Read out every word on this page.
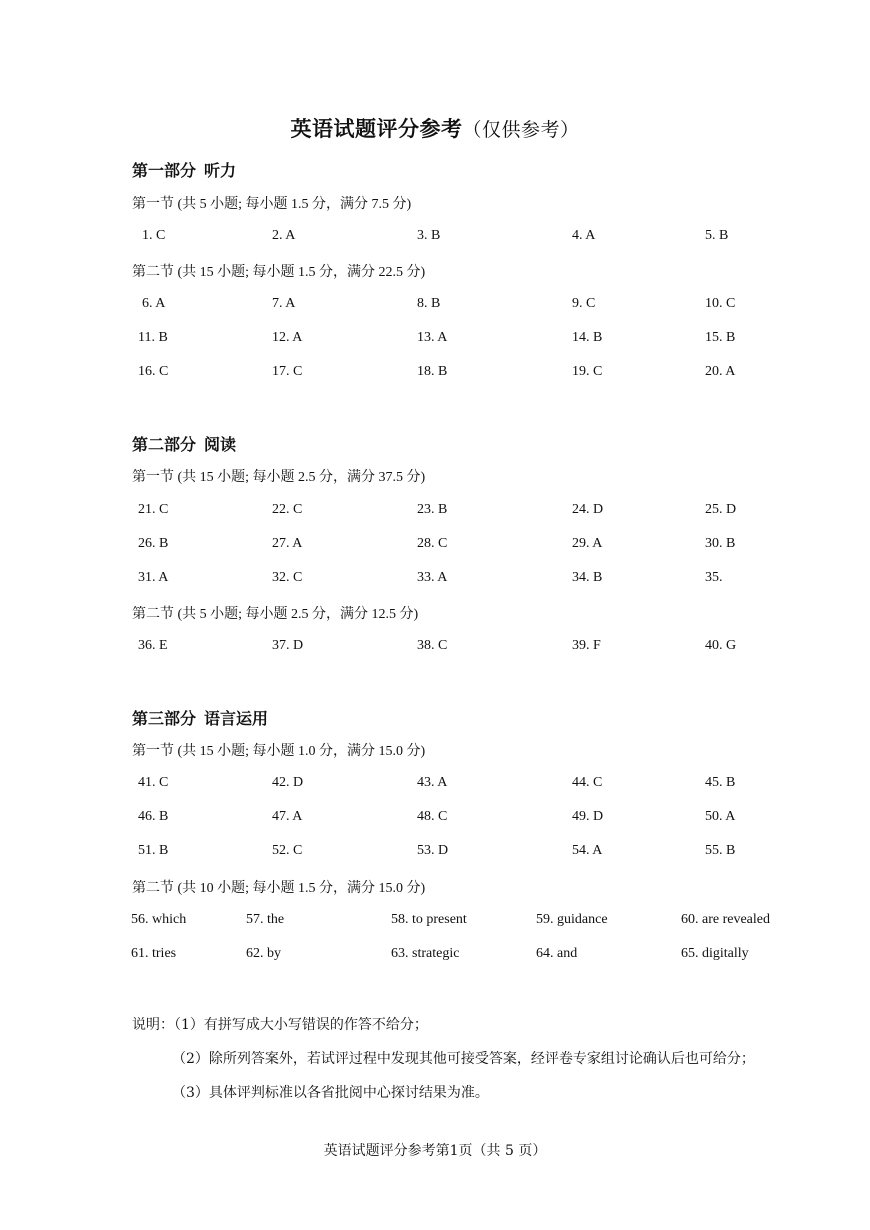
英语试题评分参考（仅供参考）
第一部分 听力
第一节 (共 5 小题; 每小题 1.5 分，满分 7.5 分)
1. C	2. A	3. B	4. A	5. B
第二节 (共 15 小题; 每小题 1.5 分，满分 22.5 分)
6. A	7. A	8. B	9. C	10. C
11. B	12. A	13. A	14. B	15. B
16. C	17. C	18. B	19. C	20. A
第二部分 阅读
第一节 (共 15 小题; 每小题 2.5 分，满分 37.5 分)
21. C	22. C	23. B	24. D	25. D
26. B	27. A	28. C	29. A	30. B
31. A	32. C	33. A	34. B	35.
第二节 (共 5 小题; 每小题 2.5 分，满分 12.5 分)
36. E	37. D	38. C	39. F	40. G
第三部分 语言运用
第一节 (共 15 小题; 每小题 1.0 分，满分 15.0 分)
41. C	42. D	43. A	44. C	45. B
46. B	47. A	48. C	49. D	50. A
51. B	52. C	53. D	54. A	55. B
第二节 (共 10 小题; 每小题 1.5 分，满分 15.0 分)
56. which	57. the	58. to present	59. guidance	60. are revealed
61. tries	62. by	63. strategic	64. and	65. digitally
说明：（1）有拼写成大小写错误的作答不给分；
（2）除所列答案外，若试评过程中发现其他可接受答案，经评卷专家组讨论确认后也可给分；
（3）具体评判标准以各省批阅中心探讨结果为准。
英语试题评分参考第1页（共 5 页）
